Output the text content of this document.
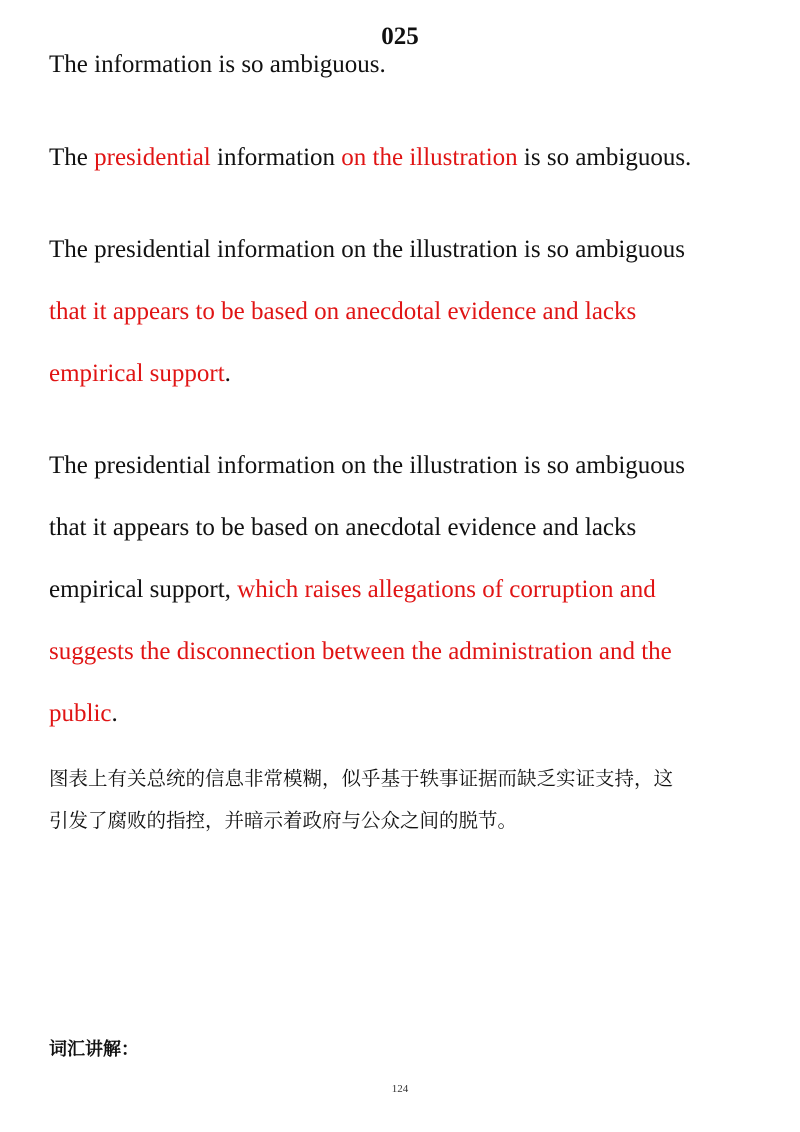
025

The information is so ambiguous.

The presidential information on the illustration is so ambiguous.

The presidential information on the illustration is so ambiguous
that it appears to be based on anecdotal evidence and lacks
empirical support.
The presidential information on the illustration is so ambiguous
that it appears to be based on anecdotal evidence and lacks
empirical support, which raises allegations of corruption and
suggests the disconnection between the administration and the
public.
图表上有关总统的信息非常模糊，似乎基于轶事证据而缺乏实证支持，这
引发了腐败的指控，并暗示着政府与公众之间的脱节。
词汇讲解：
124
